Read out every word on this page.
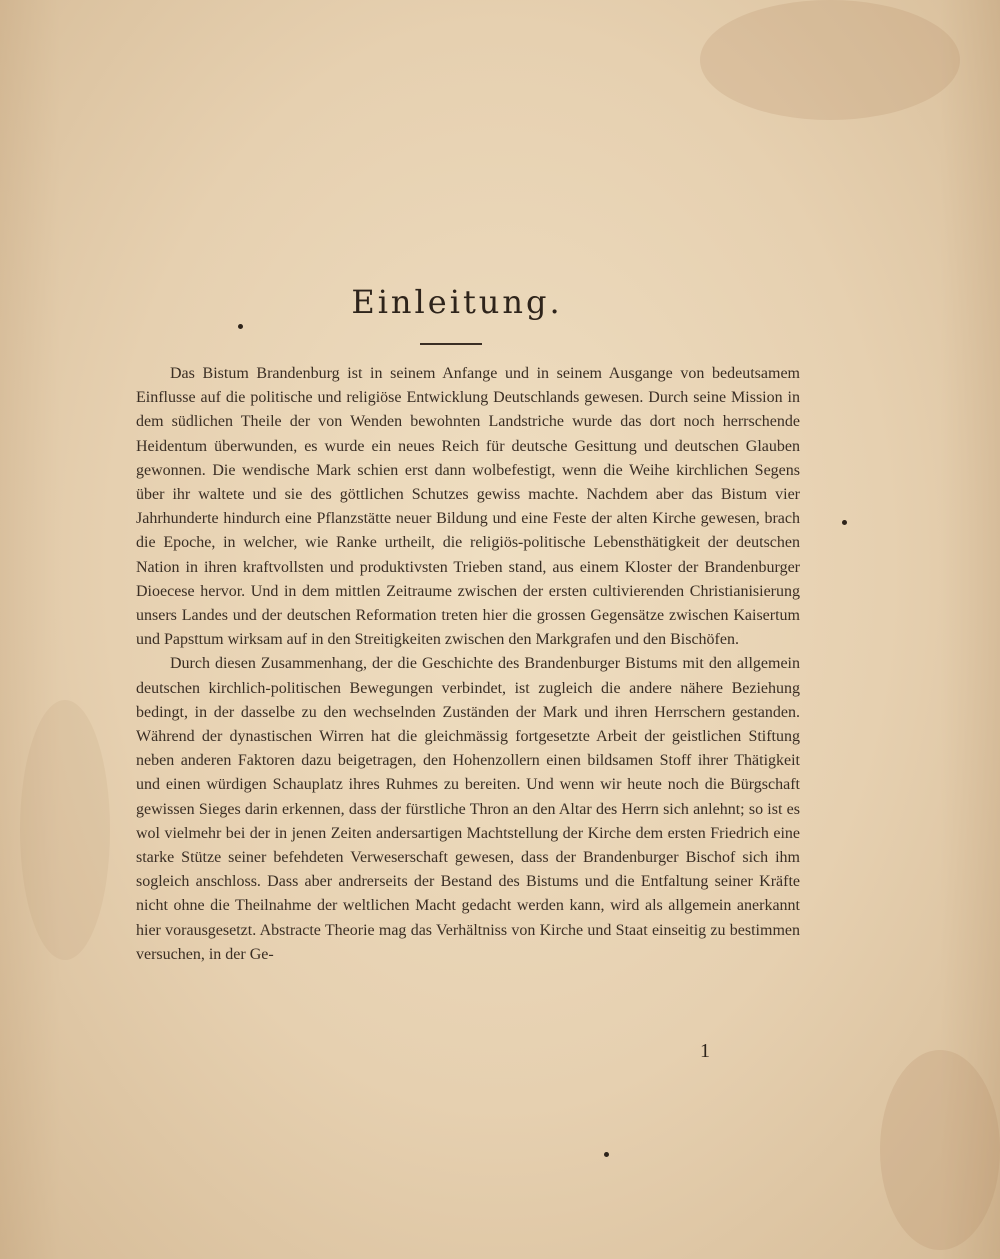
Einleitung.

Das Bistum Brandenburg ist in seinem Anfange und in seinem Ausgange von bedeutsamem Einflusse auf die politische und religiöse Entwicklung Deutschlands gewesen. Durch seine Mission in dem südlichen Theile der von Wenden bewohnten Landstriche wurde das dort noch herrschende Heidentum überwunden, es wurde ein neues Reich für deutsche Gesittung und deutschen Glauben gewonnen. Die wendische Mark schien erst dann wolbefestigt, wenn die Weihe kirchlichen Segens über ihr waltete und sie des göttlichen Schutzes gewiss machte. Nachdem aber das Bistum vier Jahrhunderte hindurch eine Pflanzstätte neuer Bildung und eine Feste der alten Kirche gewesen, brach die Epoche, in welcher, wie Ranke urtheilt, die religiös-politische Lebensthätigkeit der deutschen Nation in ihren kraftvollsten und produktivsten Trieben stand, aus einem Kloster der Brandenburger Dioecese hervor. Und in dem mittlen Zeitraume zwischen der ersten cultivierenden Christianisierung unsers Landes und der deutschen Reformation treten hier die grossen Gegensätze zwischen Kaisertum und Papsttum wirksam auf in den Streitigkeiten zwischen den Markgrafen und den Bischöfen.

Durch diesen Zusammenhang, der die Geschichte des Brandenburger Bistums mit den allgemein deutschen kirchlich-politischen Bewegungen verbindet, ist zugleich die andere nähere Beziehung bedingt, in der dasselbe zu den wechselnden Zuständen der Mark und ihren Herrschern gestanden. Während der dynastischen Wirren hat die gleichmässig fortgesetzte Arbeit der geistlichen Stiftung neben anderen Faktoren dazu beigetragen, den Hohenzollern einen bildsamen Stoff ihrer Thätigkeit und einen würdigen Schauplatz ihres Ruhmes zu bereiten. Und wenn wir heute noch die Bürgschaft gewissen Sieges darin erkennen, dass der fürstliche Thron an den Altar des Herrn sich anlehnt; so ist es wol vielmehr bei der in jenen Zeiten andersartigen Machtstellung der Kirche dem ersten Friedrich eine starke Stütze seiner befehdeten Verweserschaft gewesen, dass der Brandenburger Bischof sich ihm sogleich anschloss. Dass aber andrerseits der Bestand des Bistums und die Entfaltung seiner Kräfte nicht ohne die Theilnahme der weltlichen Macht gedacht werden kann, wird als allgemein anerkannt hier vorausgesetzt. Abstracte Theorie mag das Verhältniss von Kirche und Staat einseitig zu bestimmen versuchen, in der Ge-

1
